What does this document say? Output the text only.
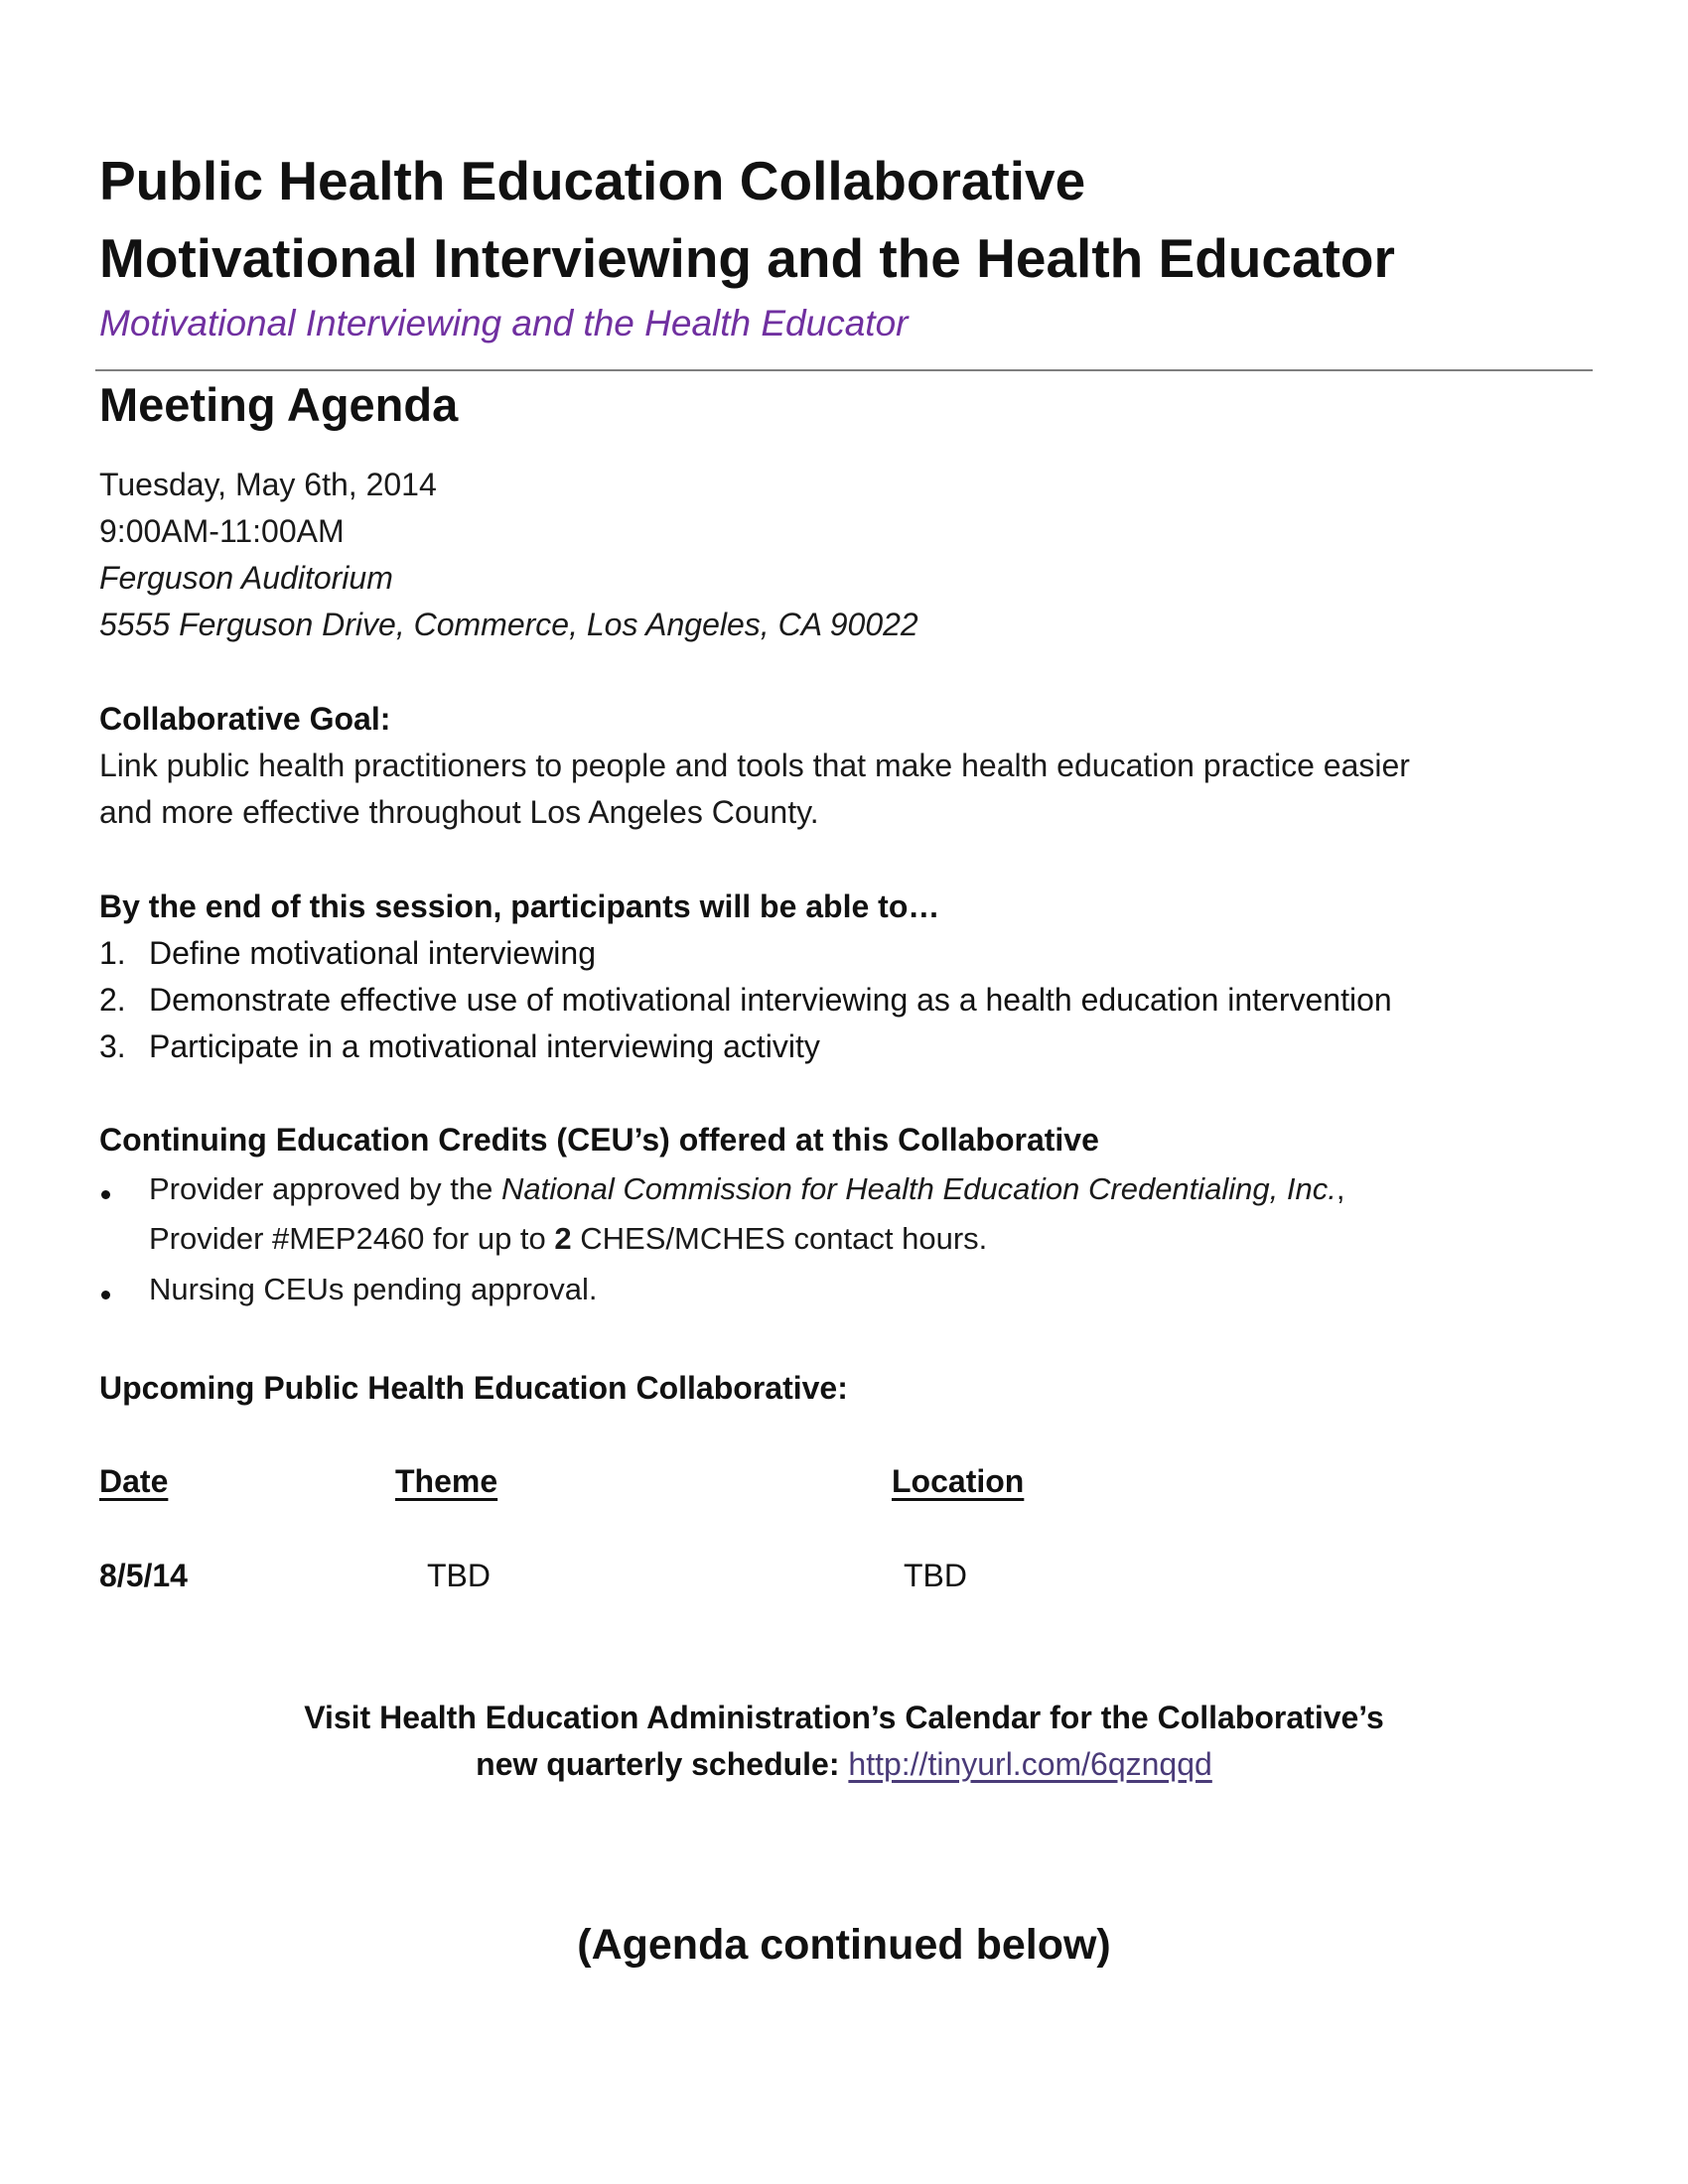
Public Health Education Collaborative
Motivational Interviewing and the Health Educator
Motivational Interviewing and the Health Educator
Meeting Agenda
Tuesday, May 6th, 2014
9:00AM-11:00AM
Ferguson Auditorium
5555 Ferguson Drive, Commerce, Los Angeles, CA 90022
Collaborative Goal:
Link public health practitioners to people and tools that make health education practice easier
and more effective throughout Los Angeles County.
By the end of this session, participants will be able to…
1. Define motivational interviewing
2. Demonstrate effective use of motivational interviewing as a health education intervention
3. Participate in a motivational interviewing activity
Continuing Education Credits (CEU’s) offered at this Collaborative
Provider approved by the National Commission for Health Education Credentialing, Inc.,
Provider #MEP2460 for up to 2 CHES/MCHES contact hours.
Nursing CEUs pending approval.
Upcoming Public Health Education Collaborative:
Date	Theme	Location
8/5/14	TBD	TBD
Visit Health Education Administration’s Calendar for the Collaborative’s
new quarterly schedule: http://tinyurl.com/6qznqqd
(Agenda continued below)
